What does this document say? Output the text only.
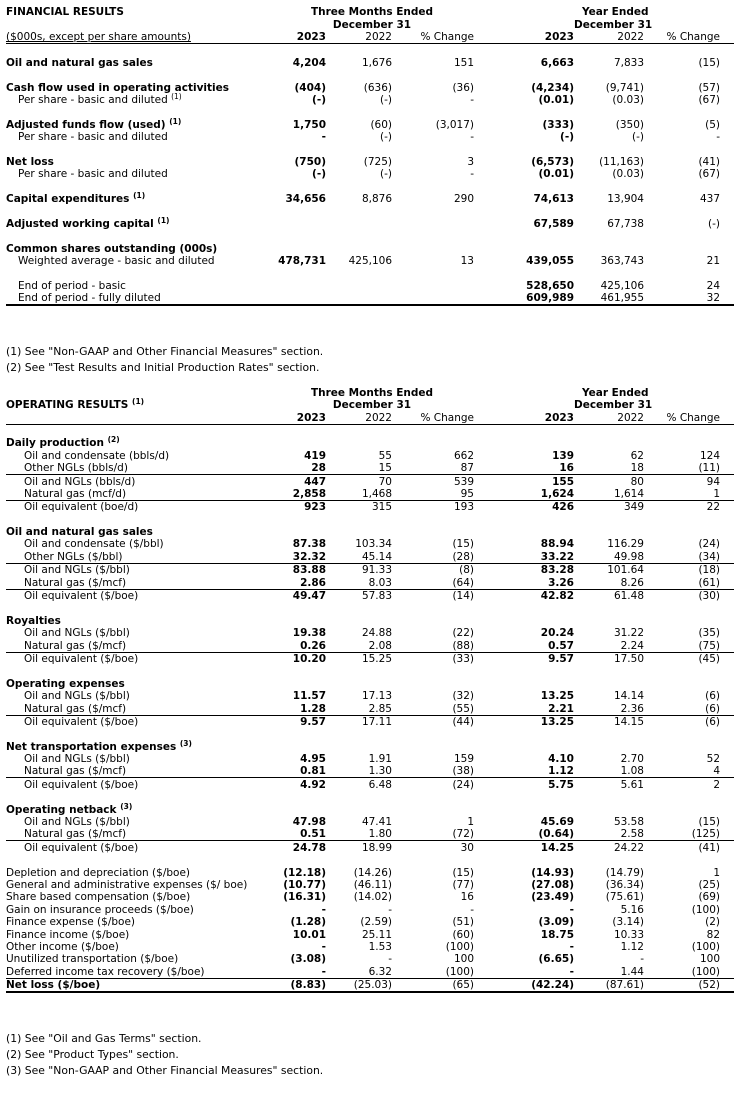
FINANCIAL RESULTS	Three Months Ended				Year Ended	
	December 31				December 31	
($000s, except per share amounts)	2023	2022	% Change	2023	2022	% Change

Oil and natural gas sales	4,204	1,676	151	6,663	7,833	(15)

Cash flow used in operating activities	(404)	(636)	(36)	(4,234)	(9,741)	(57)
Per share - basic and diluted $^{(1)}$	(-)	(-)	-	(0.01)	(0.03)	(67)

Adjusted funds flow (used) $^{(1)}$	1,750	(60)	(3,017)	(333)	(350)	(5)
Per share - basic and diluted	-	(-)	-	(-)	(-)	-

Net loss	(750)	(725)	3	(6,573)	(11,163)	(41)
Per share - basic and diluted	(-)	(-)	-	(0.01)	(0.03)	(67)

Capital expenditures $^{(1)}$	34,656	8,876	290	74,613	13,904	437

Adjusted working capital $^{(1)}$				67,589	67,738	(-)

Common shares outstanding (000s)						
Weighted average - basic and diluted	478,731	425,106	13	439,055	363,743	21

End of period - basic				528,650	425,106	24
End of period - fully diluted				609,989	461,955	32
(1) See "Non-GAAP and Other Financial Measures" section.
(2) See "Test Results and Initial Production Rates" section.
	Three Months Ended				Year Ended	
OPERATING RESULTS $^{(1)}$	December 31				December 31	
	2023	2022	% Change	2023	2022	% Change

Daily production $^{(2)}$
Oil and condensate (bbls/d)	419	55	662	139	62	124
Other NGLs (bbls/d)	28	15	87	16	18	(11)
Oil and NGLs (bbls/d)	447	70	539	155	80	94
Natural gas (mcf/d)	2,858	1,468	95	1,624	1,614	1
Oil equivalent (boe/d)	923	315	193	426	349	22

Oil and natural gas sales						
Oil and condensate ($/bbl)	87.38	103.34	(15)	88.94	116.29	(24)
Other NGLs ($/bbl)	32.32	45.14	(28)	33.22	49.98	(34)
Oil and NGLs ($/bbl)	83.88	91.33	(8)	83.28	101.64	(18)
Natural gas ($/mcf)	2.86	8.03	(64)	3.26	8.26	(61)
Oil equivalent ($/boe)	49.47	57.83	(14)	42.82	61.48	(30)

Royalties						
Oil and NGLs ($/bbl)	19.38	24.88	(22)	20.24	31.22	(35)
Natural gas ($/mcf)	0.26	2.08	(88)	0.57	2.24	(75)
Oil equivalent ($/boe)	10.20	15.25	(33)	9.57	17.50	(45)

Operating expenses						
Oil and NGLs ($/bbl)	11.57	17.13	(32)	13.25	14.14	(6)
Natural gas ($/mcf)	1.28	2.85	(55)	2.21	2.36	(6)
Oil equivalent ($/boe)	9.57	17.11	(44)	13.25	14.15	(6)

Net transportation expenses $^{(3)}$
Oil and NGLs ($/bbl)	4.95	1.91	159	4.10	2.70	52
Natural gas ($/mcf)	0.81	1.30	(38)	1.12	1.08	4
Oil equivalent ($/boe)	4.92	6.48	(24)	5.75	5.61	2

Operating netback $^{(3)}$
Oil and NGLs ($/bbl)	47.98	47.41	1	45.69	53.58	(15)
Natural gas ($/mcf)	0.51	1.80	(72)	(0.64)	2.58	(125)
Oil equivalent ($/boe)	24.78	18.99	30	14.25	24.22	(41)

Depletion and depreciation ($/boe)	(12.18)	(14.26)	(15)	(14.93)	(14.79)	1
General and administrative expenses ($/ boe)	(10.77)	(46.11)	(77)	(27.08)	(36.34)	(25)
Share based compensation ($/boe)	(16.31)	(14.02)	16	(23.49)	(75.61)	(69)
Gain on insurance proceeds ($/boe)	-	-	-	-	5.16	(100)
Finance expense ($/boe)	(1.28)	(2.59)	(51)	(3.09)	(3.14)	(2)
Finance income ($/boe)	10.01	25.11	(60)	18.75	10.33	82
Other income ($/boe)	-	1.53	(100)	-	1.12	(100)
Unutilized transportation ($/boe)	(3.08)	-	100	(6.65)	-	100
Deferred income tax recovery ($/boe)	-	6.32	(100)	-	1.44	(100)
Net loss ($/boe)	(8.83)	(25.03)	(65)	(42.24)	(87.61)	(52)
(1) See "Oil and Gas Terms" section.
(2) See "Product Types" section.
(3) See "Non-GAAP and Other Financial Measures" section.
